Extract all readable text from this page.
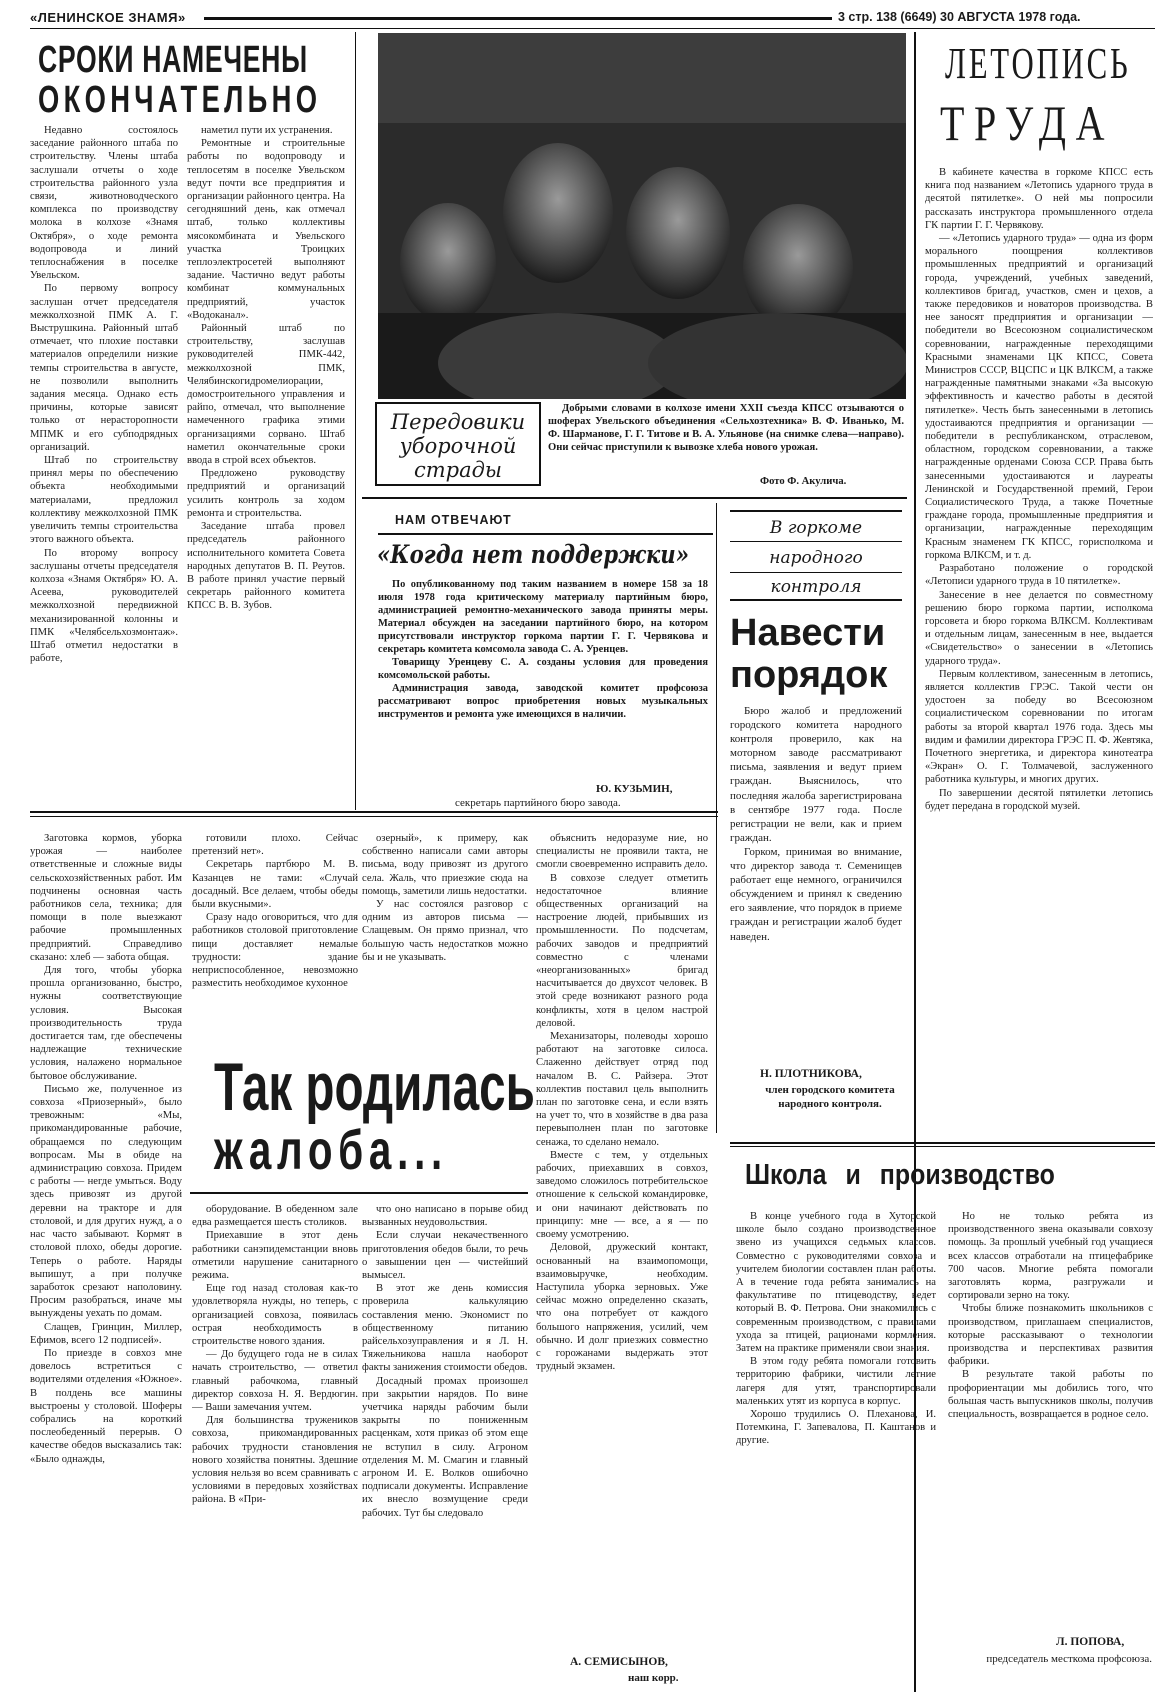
«ЛЕНИНСКОЕ ЗНАМЯ»	3 стр. 138 (6649) 30 АВГУСТА 1978 года.
СРОКИ НАМЕЧЕНЫ
ОКОНЧАТЕЛЬНО

Недавно состоялось заседание районного штаба по строительству. Члены штаба заслушали отчеты о ходе строительства районного узла связи, животноводческого комплекса по производству молока в колхозе «Знамя Октября», о ходе ремонта водопровода и линий теплоснабжения в поселке Увельском.

По первому вопросу заслушан отчет председателя межколхозной ПМК А. Г. Выструшкина. Районный штаб отмечает, что плохие поставки материалов определили низкие темпы строительства в августе, не позволили выполнить задания месяца. Однако есть причины, которые зависят только от нерасторопности МПМК и его субподрядных организаций.

Штаб по строительству принял меры по обеспечению объекта необходимыми материалами, предложил коллективу межколхозной ПМК увеличить темпы строительства этого важного объекта.

По второму вопросу заслушаны отчеты председателя колхоза «Знамя Октября» Ю. А. Асеева, руководителей межколхозной передвижной механизированной колонны и ПМК «Челябсельхозмонтаж». Штаб отметил недостатки в работе,

наметил пути их устранения.

Ремонтные и строительные работы по водопроводу и теплосетям в поселке Увельском ведут почти все предприятия и организации районного центра. На сегодняшний день, как отмечал штаб, только коллективы мясокомбината и Увельского участка Троицких теплоэлектросетей выполняют задание. Частично ведут работы комбинат коммунальных предприятий, участок «Водоканал».

Районный штаб по строительству, заслушав руководителей ПМК-442, межколхозной ПМК, Челябинскогидромелиорации, домостроительного управления и райпо, отмечал, что выполнение намеченного графика этими организациями сорвано. Штаб наметил окончательные сроки ввода в строй всех объектов.

Предложено руководству предприятий и организаций усилить контроль за ходом ремонта и строительства.

Заседание штаба провел председатель районного исполнительного комитета Совета народных депутатов В. П. Реутов. В работе принял участие первый секретарь районного комитета КПСС В. В. Зубов.

Передовики уборочной страды

Добрыми словами в колхозе имени XXII съезда КПСС отзываются о шоферах Увельского объединения «Сельхозтехника» В. Ф. Иванько, М. Ф. Шарманове, Г. Г. Титове и В. А. Ульянове (на снимке слева—направо). Они сейчас приступили к вывозке хлеба нового урожая.

Фото Ф. Акулича.
ЛЕТОПИСЬ
ТРУДА

В кабинете качества в горкоме КПСС есть книга под названием «Летопись ударного труда в десятой пятилетке». О ней мы попросили рассказать инструктора промышленного отдела ГК партии Г. Г. Червякову.

— «Летопись ударного труда» — одна из форм морального поощрения коллективов промышленных предприятий и организаций города, учреждений, учебных заведений, коллективов бригад, участков, смен и цехов, а также передовиков и новаторов производства. В нее заносят предприятия и организации — победители во Всесоюзном социалистическом соревновании, награжденные переходящими Красными знаменами ЦК КПСС, Совета Министров СССР, ВЦСПС и ЦК ВЛКСМ, а также награжденные памятными знаками «За высокую эффективность и качество работы в десятой пятилетке». Честь быть занесенными в летопись удостаиваются предприятия и организации — победители в республиканском, отраслевом, областном, городском соревновании, а также награжденные орденами Союза ССР. Права быть занесенными удостаиваются и лауреаты Ленинской и Государственной премий, Герои Социалистического Труда, а также Почетные граждане города, промышленные предприятия и организации, награжденные переходящим Красным знаменем ГК КПСС, горисполкома и горкома ВЛКСМ, и т. д.

Разработано положение о городской «Летописи ударного труда в 10 пятилетке».

Занесение в нее делается по совместному решению бюро горкома партии, исполкома горсовета и бюро горкома ВЛКСМ. Коллективам и отдельным лицам, занесенным в нее, выдается «Свидетельство» о занесении в «Летопись ударного труда».

Первым коллективом, занесенным в летопись, является коллектив ГРЭС. Такой чести он удостоен за победу во Всесоюзном социалистическом соревновании по итогам работы за второй квартал 1976 года. Здесь мы видим и фамилии директора ГРЭС П. Ф. Жевтяка, Почетного энергетика, и директора кинотеатра «Экран» О. Г. Толмачевой, заслуженного работника культуры, и многих других.

По завершении десятой пятилетки летопись будет передана в городской музей.

НАМ ОТВЕЧАЮТ
«Когда нет поддержки»

По опубликованному под таким названием в номере 158 за 18 июля 1978 года критическому материалу партийным бюро, администрацией ремонтно-механического завода приняты меры. Материал обсужден на заседании партийного бюро, на котором присутствовали инструктор горкома партии Г. Г. Червякова и секретарь комитета комсомола завода С. А. Уренцев.

Товарищу Уренцеву С. А. созданы условия для проведения комсомольской работы.

Администрация завода, заводской комитет профсоюза рассматривают вопрос приобретения новых музыкальных инструментов и ремонта уже имеющихся в наличии.

Ю. КУЗЬМИН,
секретарь партийного бюро завода.
В горкоме
народного
контроля
Навести
порядок

Бюро жалоб и предложений городского комитета народного контроля проверило, как на моторном заводе рассматривают письма, заявления и ведут прием граждан. Выяснилось, что последняя жалоба зарегистрирована в сентябре 1977 года. После регистрации не вели, как и прием граждан.

Горком, принимая во внимание, что директор завода т. Семенищев работает еще немного, ограничился обсуждением и принял к сведению его заявление, что порядок в приеме граждан и регистрации жалоб будет наведен.

Н. ПЛОТНИКОВА,
член городского комитета народного контроля.

Заготовка кормов, уборка урожая — наиболее ответственные и сложные виды сельскохозяйственных работ. Им подчинены основная часть работников села, техника; для помощи в поле выезжают рабочие промышленных предприятий. Справедливо сказано: хлеб — забота общая.

Для того, чтобы уборка прошла организованно, быстро, нужны соответствующие условия. Высокая производительность труда достигается там, где обеспечены надлежащие технические условия, налажено нормальное бытовое обслуживание.

Письмо же, полученное из совхоза «Приозерный», было тревожным: «Мы, прикомандированные рабочие, обращаемся по следующим вопросам. Мы в обиде на администрацию совхоза. Придем с работы — негде умыться. Воду здесь привозят из другой деревни на тракторе и для столовой, и для других нужд, а о нас часто забывают. Кормят в столовой плохо, обеды дорогие. Теперь о работе. Наряды выпишут, а при получке заработок срезают наполовину. Просим разобраться, иначе мы вынуждены уехать по домам.

Слащев, Гринцин, Миллер, Ефимов, всего 12 подписей».

По приезде в совхоз мне довелось встретиться с водителями отделения «Южное». В полдень все машины выстроены у столовой. Шоферы собрались на короткий послеобеденный перерыв. О качестве обедов высказались так: «Было однажды,

готовили плохо. Сейчас претензий нет».

Секретарь партбюро М. В. Казанцев не тами: «Случай досадный. Все делаем, чтобы обеды были вкусными».

Сразу надо оговориться, что для работников столовой приготовление пищи доставляет немалые трудности: здание неприспособленное, невозможно разместить необходимое кухонное

озерный», к примеру, как собственно написали сами авторы письма, воду привозят из другого села. Жаль, что приезжие сюда на помощь, заметили лишь недостатки.

У нас состоялся разговор с одним из авторов письма — Слащевым. Он прямо признал, что большую часть недостатков можно бы и не указывать.

объяснить недоразуме ние, но специалисты не проявили такта, не смогли своевременно исправить дело.

В совхозе следует отметить недостаточное влияние общественных организаций на настроение людей, прибывших из промышленности. По подсчетам, рабочих заводов и предприятий совместно с членами «неорганизованных» бригад насчитывается до двухсот человек. В этой среде возникают разного рода конфликты, хотя в целом настрой деловой.

Механизаторы, полеводы хорошо работают на заготовке силоса. Слаженно действует отряд под началом В. С. Райзера. Этот коллектив поставил цель выполнить план по заготовке сена, и если взять на учет то, что в хозяйстве в два раза перевыполнен план по заготовке сенажа, то сделано немало.

Вместе с тем, у отдельных рабочих, приехавших в совхоз, заведомо сложилось потребительское отношение к сельской командировке, и они начинают действовать по принципу: мне — все, а я — по своему усмотрению.

Деловой, дружеский контакт, основанный на взаимопомощи, взаимовыручке, необходим. Наступила уборка зерновых. Уже сейчас можно определенно сказать, что она потребует от каждого большого напряжения, усилий, чем обычно. И долг приезжих совместно с горожанами выдержать этот трудный экзамен.

Так родилась
жалоба...

оборудование. В обеденном зале едва размещается шесть столиков.

Приехавшие в этот день работники санэпидемстанции вновь отметили нарушение санитарного режима.

Еще год назад столовая как-то удовлетворяла нужды, но теперь, с организацией совхоза, появилась острая необходимость в строительстве нового здания.

— До будущего года не в силах начать строительство, — ответил главный рабочкома, главный директор совхоза Н. Я. Вердюгин. — Ваши замечания учтем.

Для большинства тружеников совхоза, прикомандированных рабочих трудности становления нового хозяйства понятны. Здешние условия нельзя во всем сравнивать с условиями в передовых хозяйствах района. В «При-

что оно написано в порыве обид вызванных неудовольствия.

Если случаи некачественного приготовления обедов были, то речь о завышении цен — чистейший вымысел.

В этот же день комиссия проверила калькуляцию составления меню. Экономист по общественному питанию райсельхозуправления и я Л. Н. Тяжельникова нашла наоборот факты занижения стоимости обедов.

Досадный промах произошел при закрытии нарядов. По вине учетчика наряды рабочим были закрыты по пониженным расценкам, хотя приказ об этом еще не вступил в силу. Агроном отделения М. М. Смагин и главный агроном И. Е. Волков ошибочно подписали документы. Исправление их внесло возмущение среди рабочих. Тут бы следовало

А. СЕМИСЫНОВ,
наш корр.
Школа и производство

В конце учебного года в Хуторской школе было создано производственное звено из учащихся седьмых классов. Совместно с руководителями совхоза и учителем биологии составлен план работы. А в течение года ребята занимались на факультативе по птицеводству, ведет который В. Ф. Петрова. Они знакомились с современным производством, с правилами ухода за птицей, рационами кормления. Затем на практике применяли свои знания.

В этом году ребята помогали готовить территорию фабрики, чистили летние лагеря для утят, транспортировали маленьких утят из корпуса в корпус.

Хорошо трудились О. Плеханова, И. Потемкина, Г. Запевалова, П. Каштанов и другие.

Но не только ребята из производственного звена оказывали совхозу помощь. За прошлый учебный год учащиеся всех классов отработали на птицефабрике 700 часов. Многие ребята помогали заготовлять корма, разгружали и сортировали зерно на току.

Чтобы ближе познакомить школьников с производством, приглашаем специалистов, которые рассказывают о технологии производства и перспективах развития фабрики.

В результате такой работы по профориентации мы добились того, что большая часть выпускников школы, получив специальность, возвращается в родное село.

Л. ПОПОВА,
председатель месткома профсоюза.
